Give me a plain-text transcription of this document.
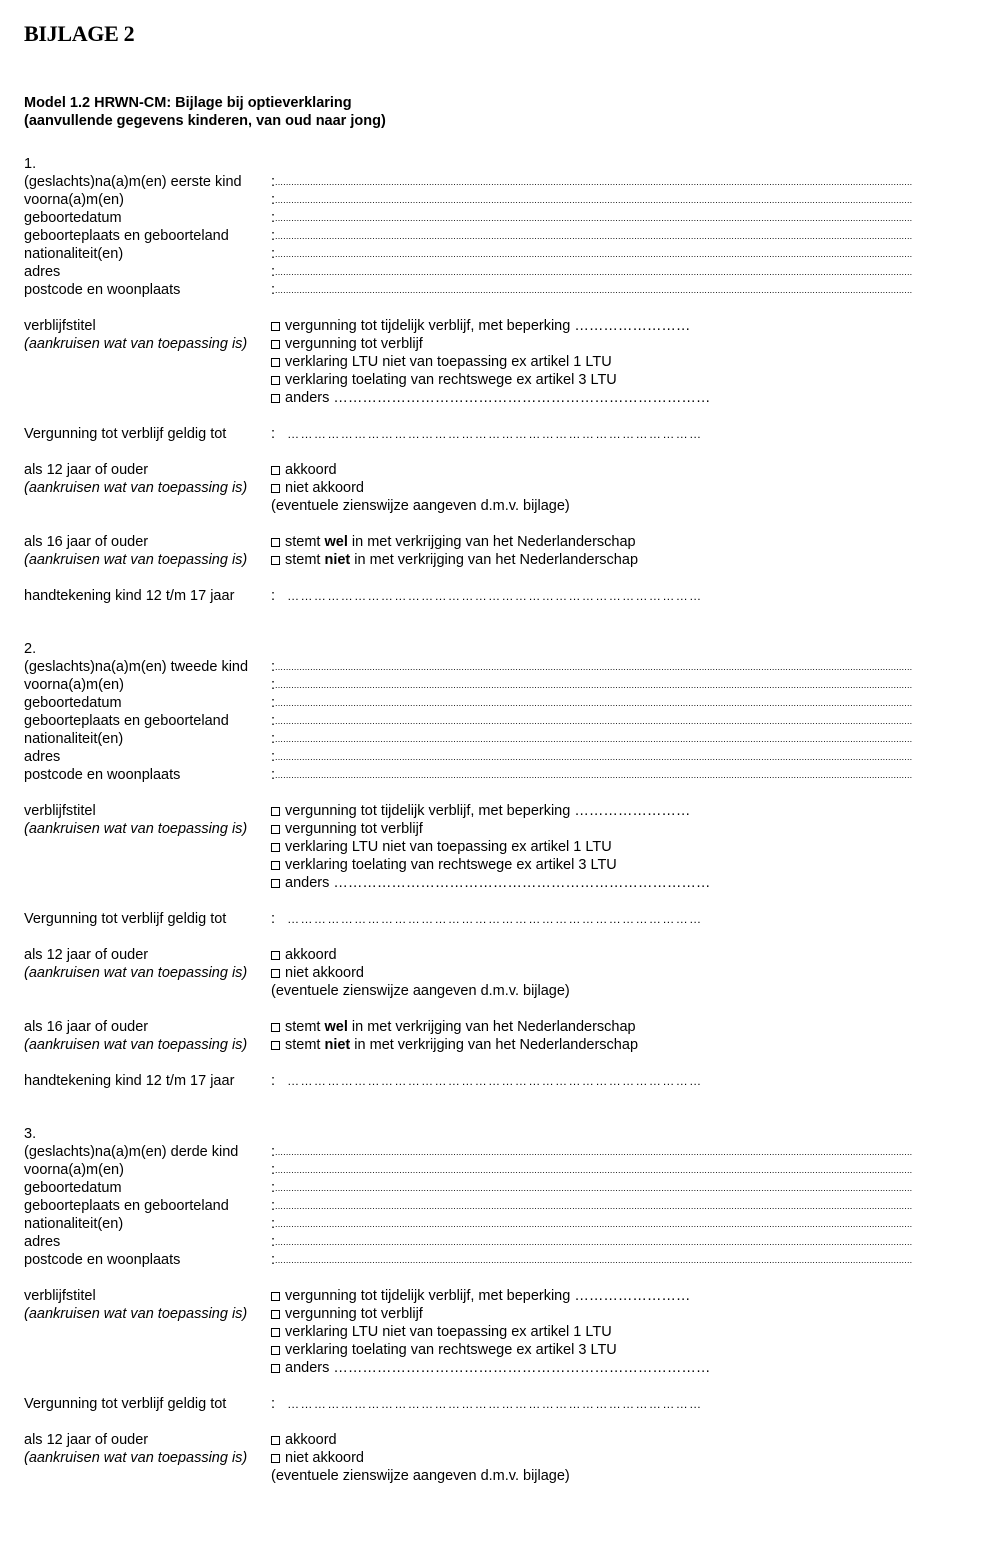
BIJLAGE 2
Model 1.2 HRWN-CM: Bijlage bij optieverklaring
(aanvullende gegevens kinderen, van oud naar jong)
1.
(geslachts)na(a)m(en) eerste kind	: ............................................................................................................................................................................................................................................
voorna(a)m(en)	: ............................................................................................................................................................................................................................................
geboortedatum	: ............................................................................................................................................................................................................................................
geboorteplaats en geboorteland	: ............................................................................................................................................................................................................................................
nationaliteit(en)	: ............................................................................................................................................................................................................................................
adres	: ............................................................................................................................................................................................................................................
postcode en woonplaats	: ............................................................................................................................................................................................................................................
verblijfstitel	vergunning tot tijdelijk verblijf, met beperking ……………………
(aankruisen wat van toepassing is)	vergunning tot verblijf
verklaring LTU niet van toepassing ex artikel 1 LTU
verklaring toelating van rechtswege ex artikel 3 LTU
anders ……………………………………………………………………
Vergunning tot verblijf geldig tot	: …………………………………………………………………………………
als 12 jaar of ouder	akkoord
(aankruisen wat van toepassing is)	niet akkoord
(eventuele zienswijze aangeven d.m.v. bijlage)
als 16 jaar of ouder	stemt wel in met verkrijging van het Nederlanderschap
(aankruisen wat van toepassing is)	stemt niet in met verkrijging van het Nederlanderschap
handtekening kind 12 t/m 17 jaar	: …………………………………………………………………………………
2.
(geslachts)na(a)m(en) tweede kind	: ............................................................................................................................................................................................................................................
voorna(a)m(en)	: ............................................................................................................................................................................................................................................
geboortedatum	: ............................................................................................................................................................................................................................................
geboorteplaats en geboorteland	: ............................................................................................................................................................................................................................................
nationaliteit(en)	: ............................................................................................................................................................................................................................................
adres	: ............................................................................................................................................................................................................................................
postcode en woonplaats	: ............................................................................................................................................................................................................................................
verblijfstitel	vergunning tot tijdelijk verblijf, met beperking ……………………
(aankruisen wat van toepassing is)	vergunning tot verblijf
verklaring LTU niet van toepassing ex artikel 1 LTU
verklaring toelating van rechtswege ex artikel 3 LTU
anders ……………………………………………………………………
Vergunning tot verblijf geldig tot	: …………………………………………………………………………………
als 12 jaar of ouder	akkoord
(aankruisen wat van toepassing is)	niet akkoord
(eventuele zienswijze aangeven d.m.v. bijlage)
als 16 jaar of ouder	stemt wel in met verkrijging van het Nederlanderschap
(aankruisen wat van toepassing is)	stemt niet in met verkrijging van het Nederlanderschap
handtekening kind 12 t/m 17 jaar	: …………………………………………………………………………………
3.
(geslachts)na(a)m(en) derde kind	: ............................................................................................................................................................................................................................................
voorna(a)m(en)	: ............................................................................................................................................................................................................................................
geboortedatum	: ............................................................................................................................................................................................................................................
geboorteplaats en geboorteland	: ............................................................................................................................................................................................................................................
nationaliteit(en)	: ............................................................................................................................................................................................................................................
adres	: ............................................................................................................................................................................................................................................
postcode en woonplaats	: ............................................................................................................................................................................................................................................
verblijfstitel	vergunning tot tijdelijk verblijf, met beperking ……………………
(aankruisen wat van toepassing is)	vergunning tot verblijf
verklaring LTU niet van toepassing ex artikel 1 LTU
verklaring toelating van rechtswege ex artikel 3 LTU
anders ……………………………………………………………………
Vergunning tot verblijf geldig tot	: …………………………………………………………………………………
als 12 jaar of ouder	akkoord
(aankruisen wat van toepassing is)	niet akkoord
(eventuele zienswijze aangeven d.m.v. bijlage)
